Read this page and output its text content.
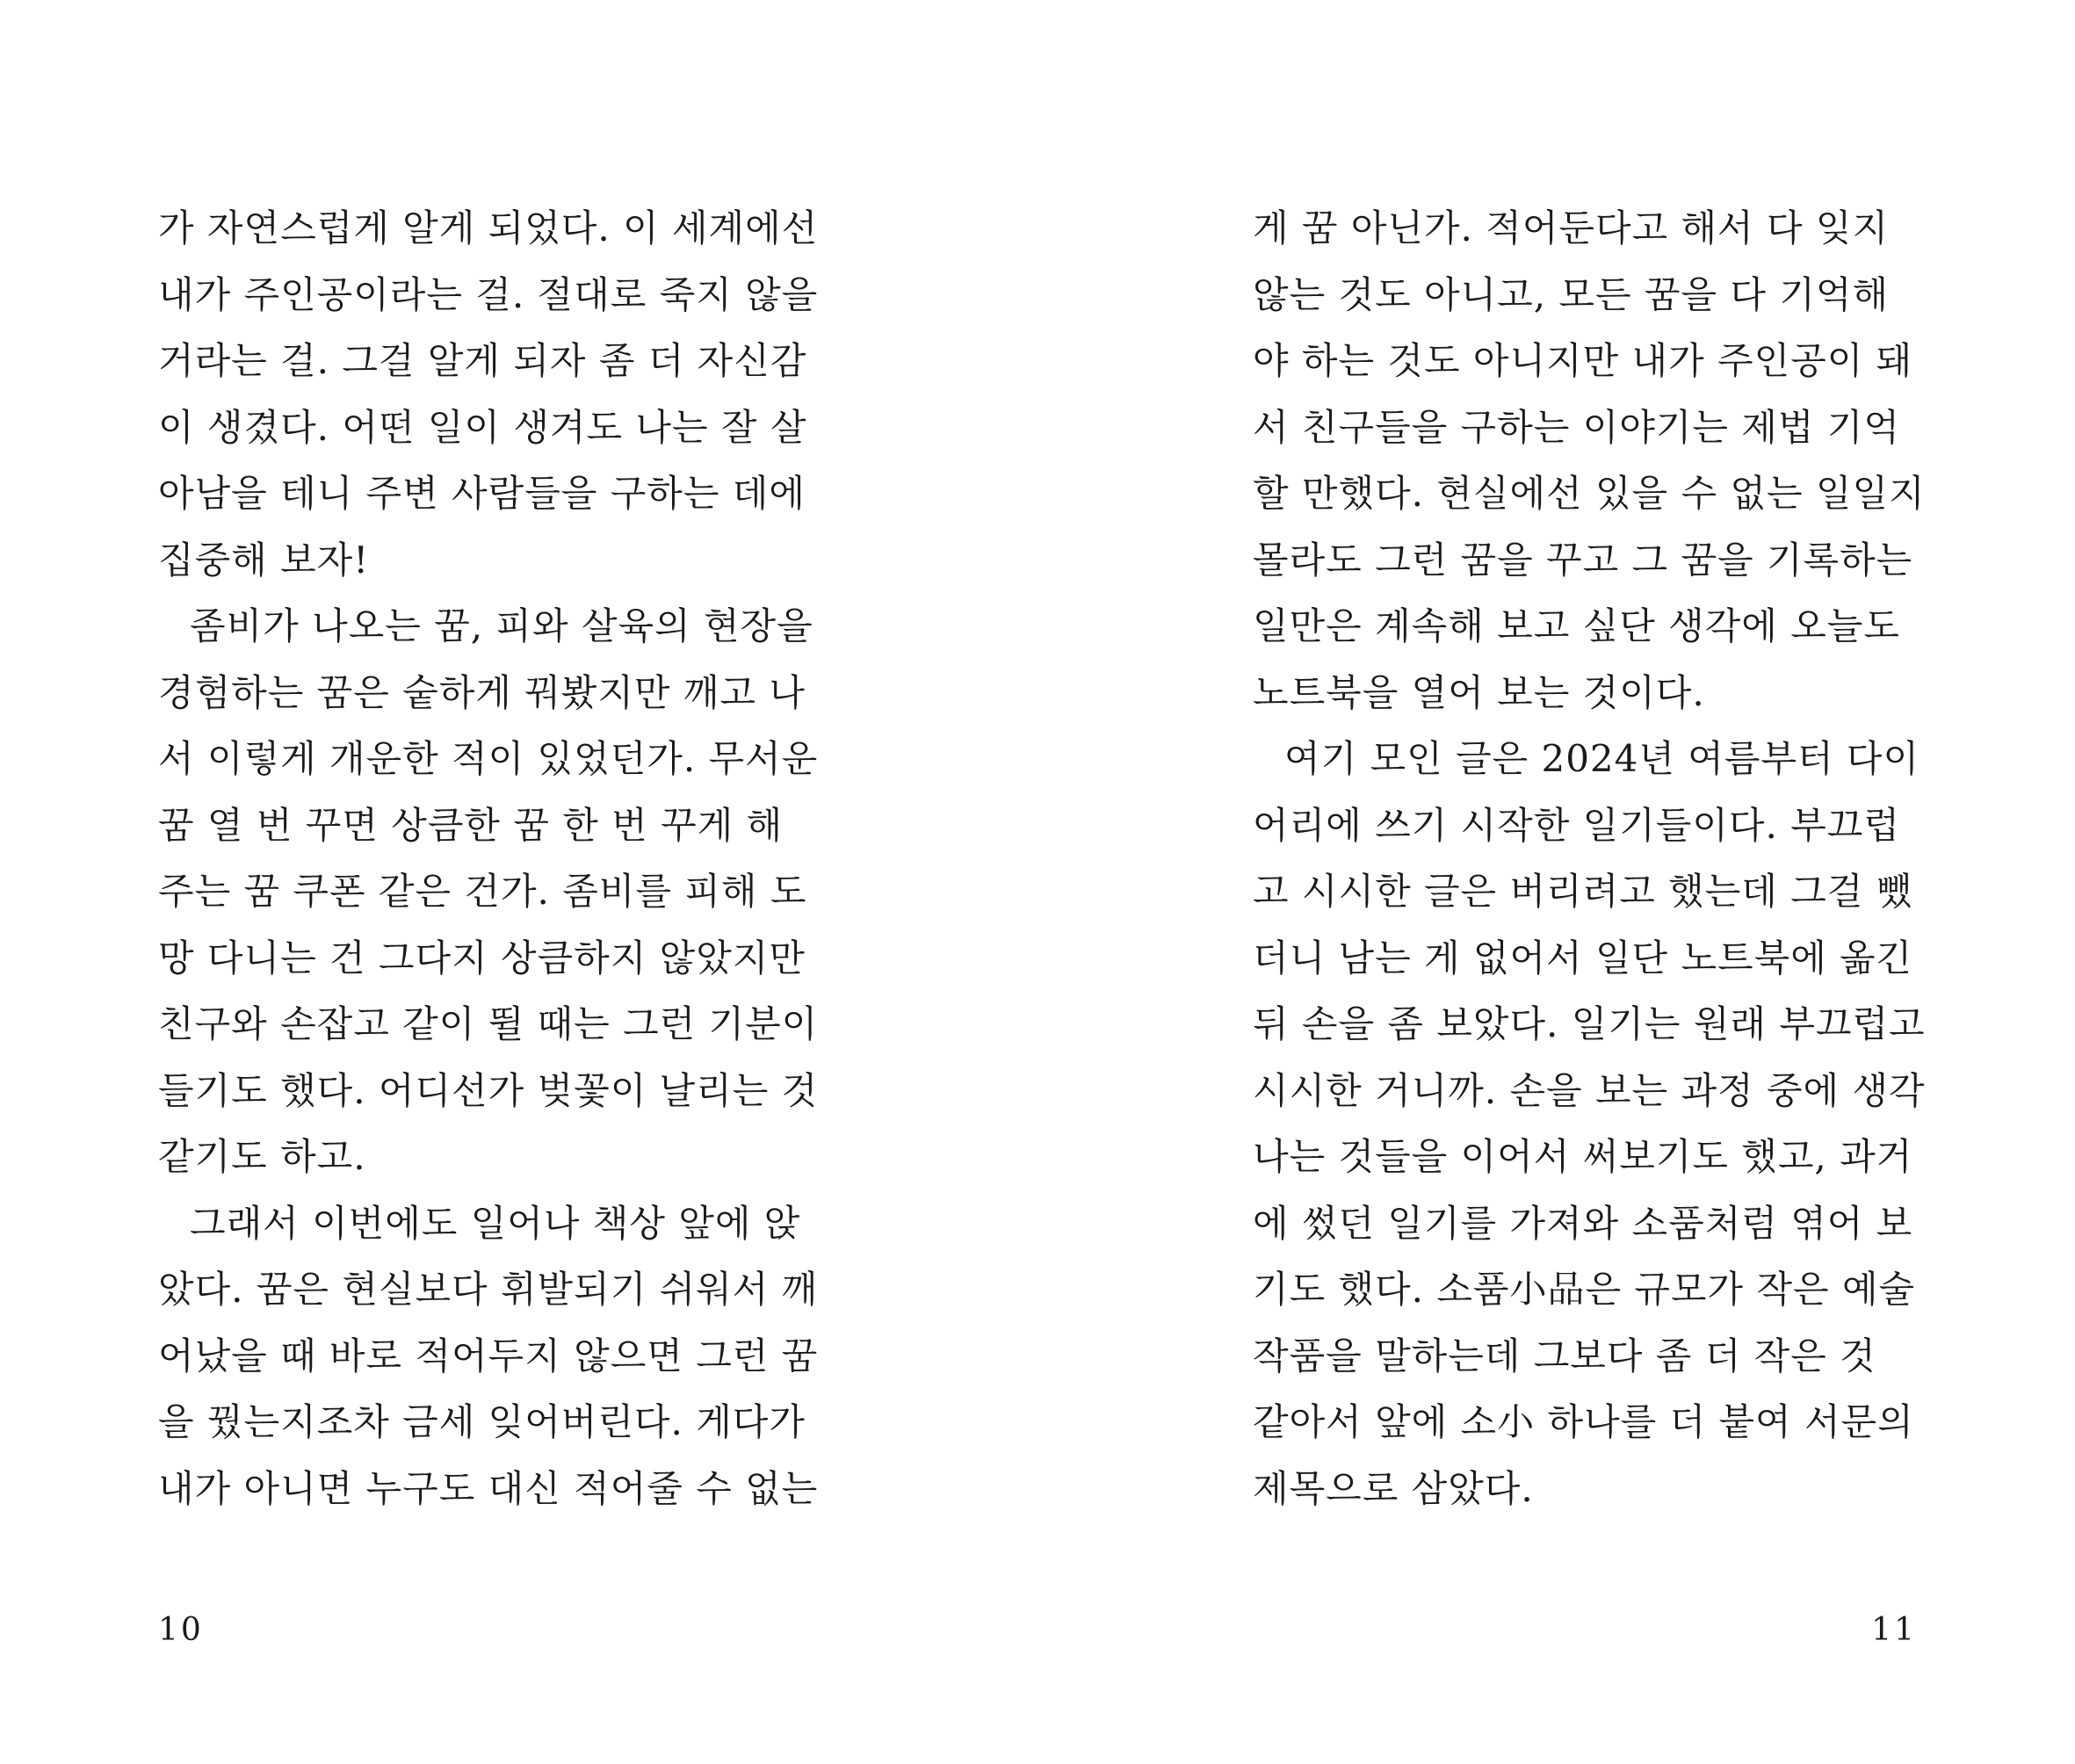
가 자연스럽게 알게 되었다. 이 세계에선
내가 주인공이라는 걸. 절대로 죽지 않을
거라는 걸. 그걸 알게 되자 좀 더 자신감
이 생겼다. 어떤 일이 생겨도 나는 잘 살
아남을 테니 주변 사람들을 구하는 데에
집중해 보자!
좀비가 나오는 꿈, 피와 살육의 현장을
경험하는 꿈은 숱하게 꿔봤지만 깨고 나
서 이렇게 개운한 적이 있었던가. 무서운
꿈 열 번 꾸면 상큼한 꿈 한 번 꾸게 해
주는 꿈 쿠폰 같은 건가. 좀비를 피해 도
망 다니는 건 그다지 상큼하지 않았지만
친구와 손잡고 같이 뛸 때는 그런 기분이
들기도 했다. 어디선가 벚꽃이 날리는 것
같기도 하고.
그래서 이번에도 일어나 책상 앞에 앉
았다. 꿈은 현실보다 휘발되기 쉬워서 깨
어났을 때 바로 적어두지 않으면 그런 꿈
을 꿨는지조차 금세 잊어버린다. 게다가
내가 아니면 누구도 대신 적어줄 수 없는
10
게 꿈 아닌가. 적어둔다고 해서 다 잊지
않는 것도 아니고, 모든 꿈을 다 기억해
야 하는 것도 아니지만 내가 주인공이 돼
서 친구들을 구하는 이야기는 제법 기억
할 만했다. 현실에선 있을 수 없는 일일지
몰라도 그런 꿈을 꾸고 그 꿈을 기록하는
일만은 계속해 보고 싶단 생각에 오늘도
노트북을 열어 보는 것이다.
여기 모인 글은 2024년 여름부터 다이
어리에 쓰기 시작한 일기들이다. 부끄럽
고 시시한 글은 버리려고 했는데 그걸 뺐
더니 남는 게 없어서 일단 노트북에 옮긴
뒤 손을 좀 보았다. 일기는 원래 부끄럽고
시시한 거니까. 손을 보는 과정 중에 생각
나는 것들을 이어서 써보기도 했고, 과거
에 썼던 일기를 가져와 소품처럼 엮어 보
기도 했다. 소품小品은 규모가 작은 예술
작품을 말하는데 그보다 좀 더 작은 것
같아서 앞에 소小 하나를 더 붙여 서문의
제목으로 삼았다.
11
